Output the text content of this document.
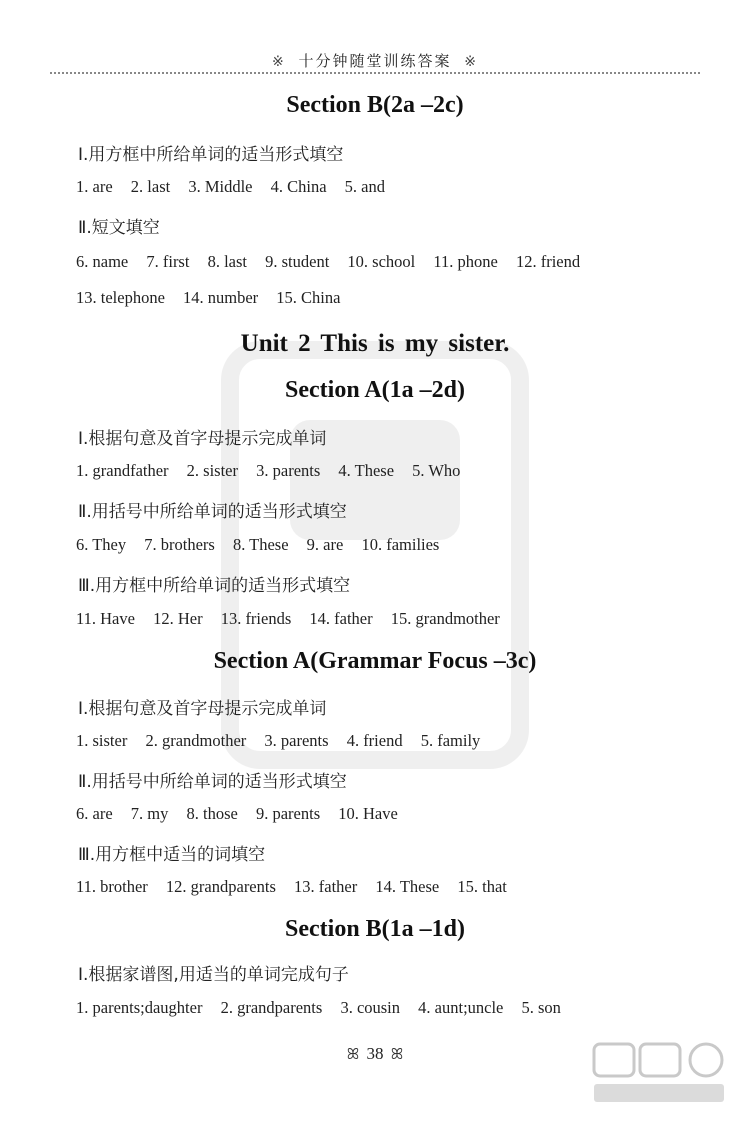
※ 十分钟随堂训练答案 ※
Section B(2a –2c)
Ⅰ.用方框中所给单词的适当形式填空
1. are 2. last 3. Middle 4. China 5. and
Ⅱ.短文填空
6. name 7. first 8. last 9. student 10. school 11. phone 12. friend
13. telephone 14. number 15. China
Unit 2 This is my sister.
Section A(1a –2d)
Ⅰ.根据句意及首字母提示完成单词
1. grandfather 2. sister 3. parents 4. These 5. Who
Ⅱ.用括号中所给单词的适当形式填空
6. They 7. brothers 8. These 9. are 10. families
Ⅲ.用方框中所给单词的适当形式填空
11. Have 12. Her 13. friends 14. father 15. grandmother
Section A(Grammar Focus –3c)
Ⅰ.根据句意及首字母提示完成单词
1. sister 2. grandmother 3. parents 4. friend 5. family
Ⅱ.用括号中所给单词的适当形式填空
6. are 7. my 8. those 9. parents 10. Have
Ⅲ.用方框中适当的词填空
11. brother 12. grandparents 13. father 14. These 15. that
Section B(1a –1d)
Ⅰ.根据家谱图,用适当的单词完成句子
1. parents;daughter 2. grandparents 3. cousin 4. aunt;uncle 5. son
ꕤ 38 ꕤ
